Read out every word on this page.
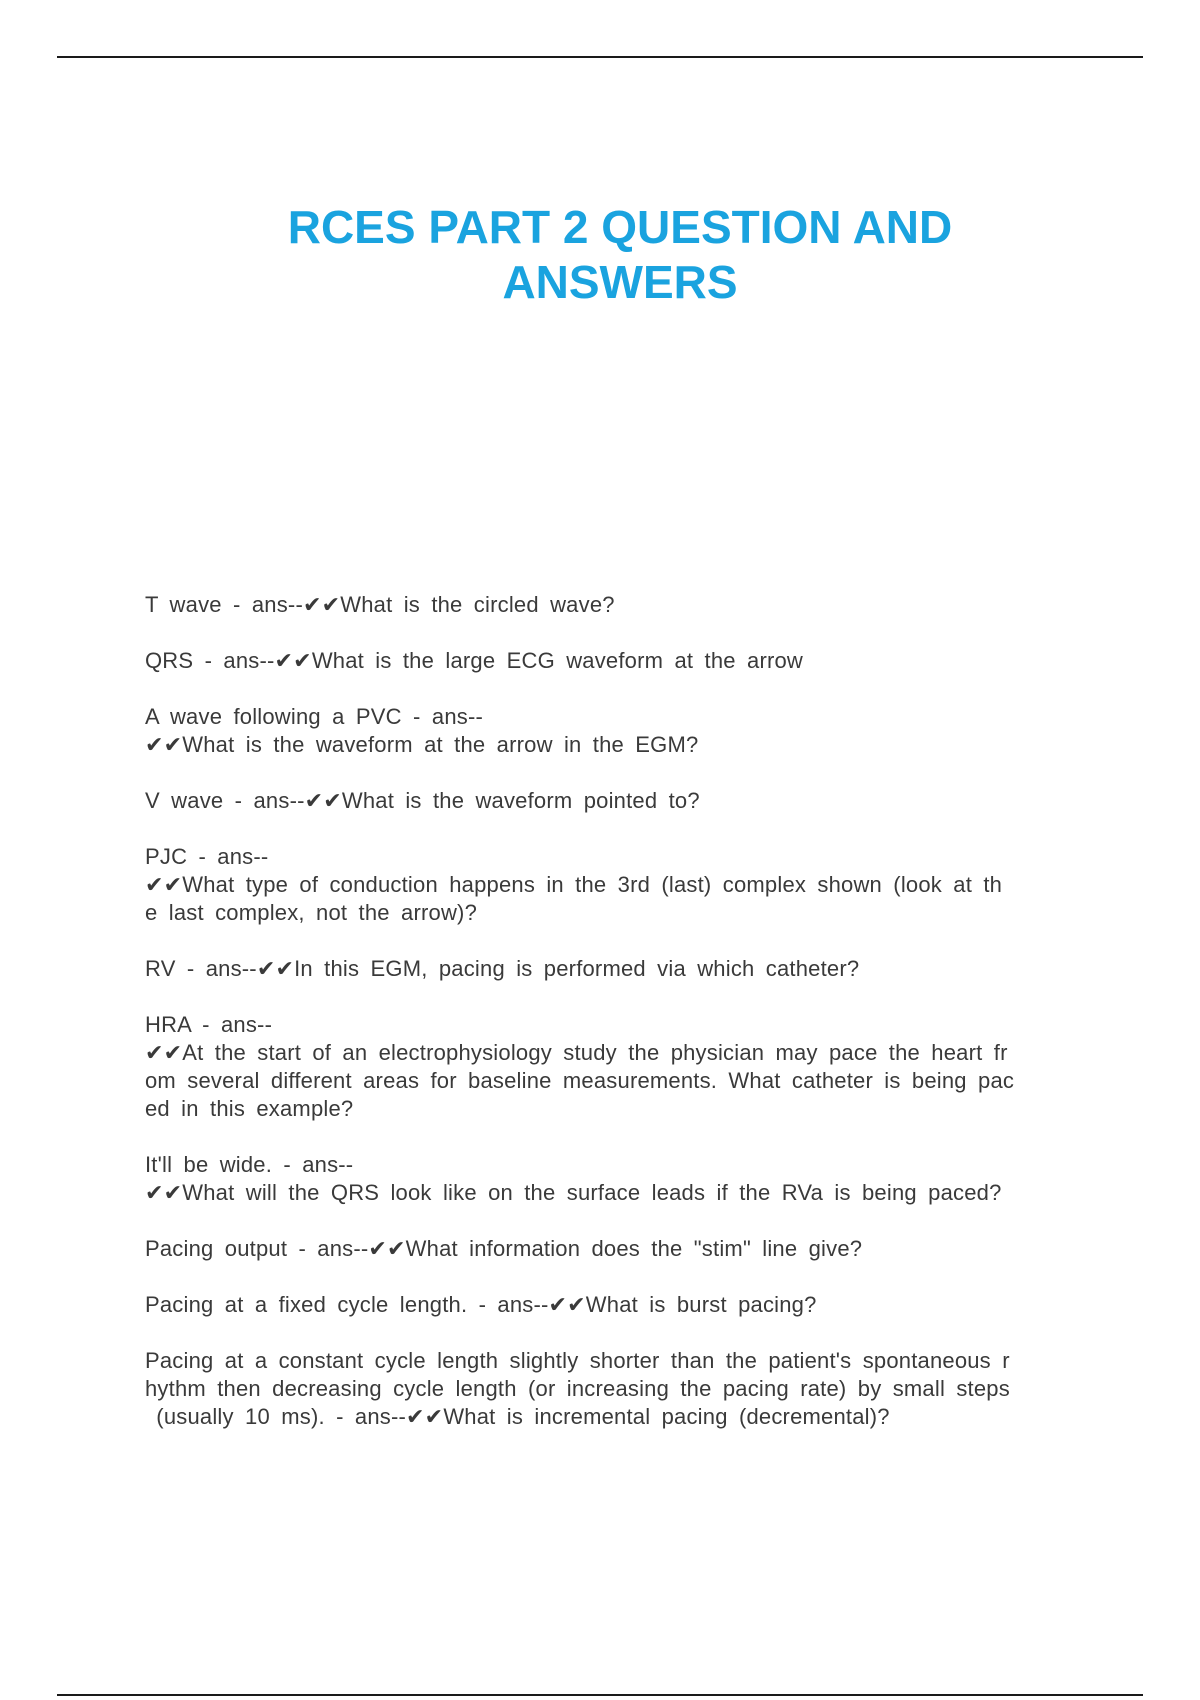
RCES PART 2 QUESTION AND
ANSWERS
T wave - ans--✔✔What is the circled wave?
QRS - ans--✔✔What is the large ECG waveform at the arrow
A wave following a PVC - ans--
✔✔What is the waveform at the arrow in the EGM?
V wave - ans--✔✔What is the waveform pointed to?
PJC - ans--
✔✔What type of conduction happens in the 3rd (last) complex shown (look at th
e last complex, not the arrow)?
RV - ans--✔✔In this EGM, pacing is performed via which catheter?
HRA - ans--
✔✔At the start of an electrophysiology study the physician may pace the heart fr
om several different areas for baseline measurements. What catheter is being pac
ed in this example?
It'll be wide. - ans--
✔✔What will the QRS look like on the surface leads if the RVa is being paced?
Pacing output - ans--✔✔What information does the "stim" line give?
Pacing at a fixed cycle length. - ans--✔✔What is burst pacing?
Pacing at a constant cycle length slightly shorter than the patient's spontaneous r
hythm then decreasing cycle length (or increasing the pacing rate) by small steps
(usually 10 ms). - ans--✔✔What is incremental pacing (decremental)?
